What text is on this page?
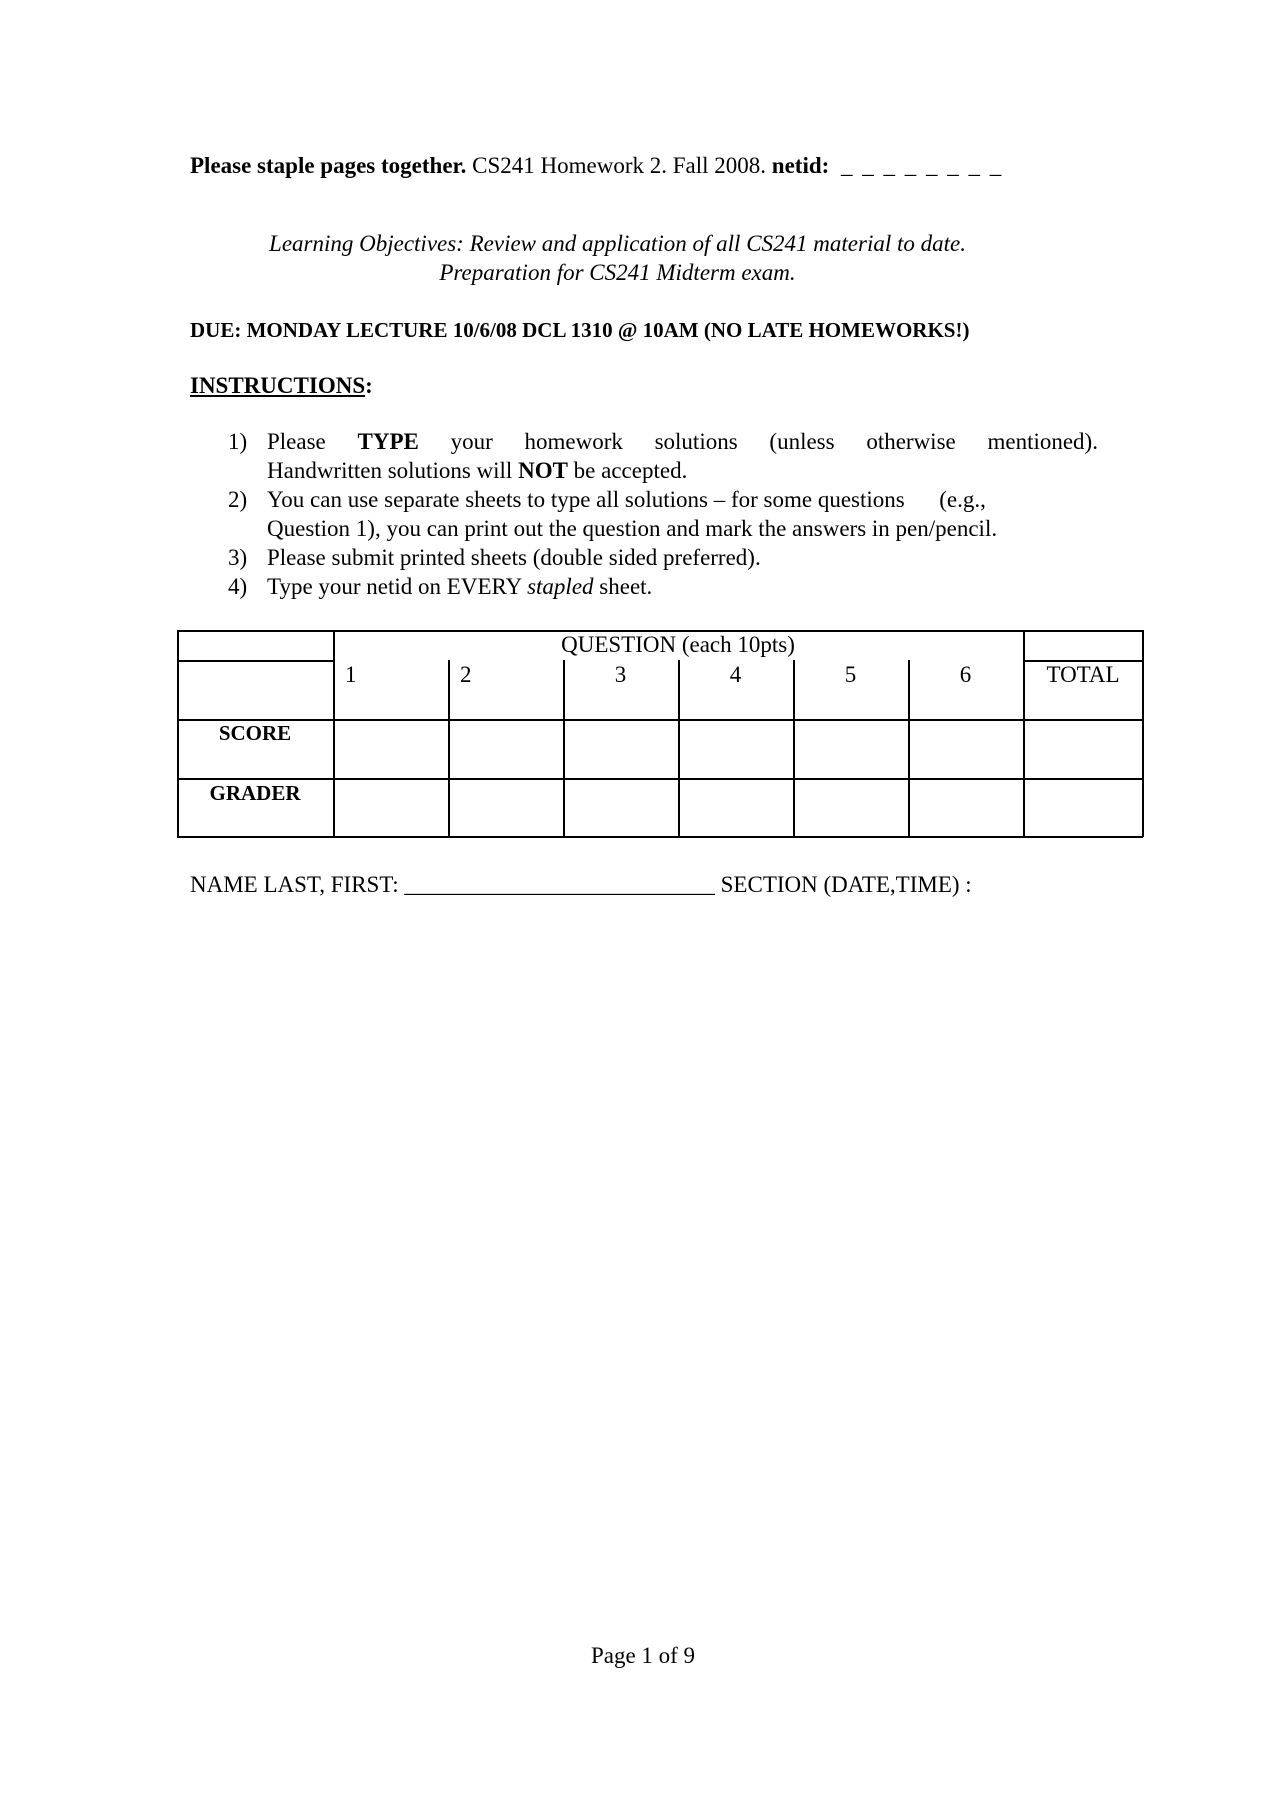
Please staple pages together. CS241 Homework 2. Fall 2008. netid: _ _ _ _ _ _ _ _
Learning Objectives: Review and application of all CS241 material to date.
Preparation for CS241 Midterm exam.
DUE: MONDAY LECTURE 10/6/08 DCL 1310 @ 10AM (NO LATE HOMEWORKS!)
INSTRUCTIONS:
1) Please TYPE your homework solutions (unless otherwise mentioned).
Handwritten solutions will NOT be accepted.
2) You can use separate sheets to type all solutions – for some questions      (e.g.,
Question 1), you can print out the question and mark the answers in pen/pencil.
3) Please submit printed sheets (double sided preferred).
4) Type your netid on EVERY stapled sheet.
QUESTION (each 10pts)
1	2	3	4	5	6	TOTAL
SCORE
GRADER
NAME LAST, FIRST: ___________________________ SECTION (DATE,TIME) :
Page 1 of 9
